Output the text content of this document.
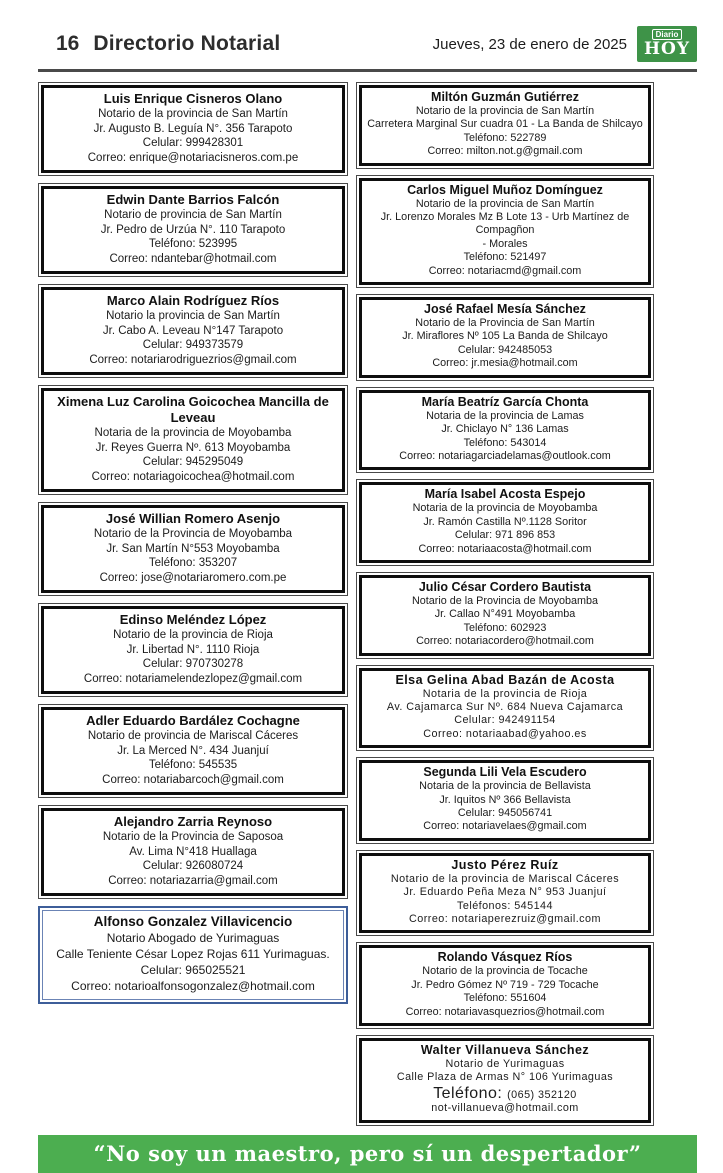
16 Directorio Notarial	Jueves, 23 de enero de 2025
Diario
HOY
Luis Enrique Cisneros Olano
Notario de la provincia de San Martín
Jr. Augusto B. Leguía N°. 356 Tarapoto
Celular: 999428301
Correo: enrique@notariacisneros.com.pe
Edwin Dante Barrios Falcón
Notario de provincia de San Martín
Jr. Pedro de Urzúa N°. 110 Tarapoto
Teléfono: 523995
Correo: ndantebar@hotmail.com
Marco Alain Rodríguez Ríos
Notario la provincia de San Martín
Jr. Cabo A. Leveau N°147 Tarapoto
Celular: 949373579
Correo: notariarodriguezrios@gmail.com
Ximena Luz Carolina Goicochea Mancilla de Leveau
Notaria de la provincia de Moyobamba
Jr. Reyes Guerra Nº. 613 Moyobamba
Celular: 945295049
Correo: notariagoicochea@hotmail.com
José Willian Romero Asenjo
Notario de la Provincia de Moyobamba
Jr. San Martín N°553 Moyobamba
Teléfono: 353207
Correo: jose@notariaromero.com.pe
Edinso Meléndez López
Notario de la provincia de Rioja
Jr. Libertad N°. 1110 Rioja
Celular: 970730278
Correo: notariamelendezlopez@gmail.com
Adler Eduardo Bardález Cochagne
Notario de provincia de Mariscal Cáceres
Jr. La Merced N°. 434 Juanjuí
Teléfono: 545535
Correo: notariabarcoch@gmail.com
Alejandro Zarria Reynoso
Notario de la Provincia de Saposoa
Av. Lima N°418 Huallaga
Celular: 926080724
Correo: notariazarria@gmail.com
Alfonso Gonzalez Villavicencio
Notario Abogado de Yurimaguas
Calle Teniente César Lopez Rojas 611 Yurimaguas.
Celular: 965025521
Correo: notarioalfonsogonzalez@hotmail.com
Miltón Guzmán Gutiérrez
Notario de la provincia de San Martín
Carretera Marginal Sur cuadra 01 - La Banda de Shilcayo
Teléfono: 522789
Correo: milton.not.g@gmail.com
Carlos Miguel Muñoz Domínguez
Notario de la provincia de San Martín
Jr. Lorenzo Morales Mz B Lote 13 - Urb Martínez de Compagñon
- Morales
Teléfono: 521497
Correo: notariacmd@gmail.com
José Rafael Mesía Sánchez
Notario de la Provincia de San Martín
Jr. Miraflores Nº 105 La Banda de Shilcayo
Celular: 942485053
Correo: jr.mesia@hotmail.com
María Beatríz García Chonta
Notaria de la provincia de Lamas
Jr. Chiclayo N° 136 Lamas
Teléfono: 543014
Correo: notariagarciadelamas@outlook.com
María Isabel Acosta Espejo
Notaria de la provincia de Moyobamba
Jr. Ramón Castilla Nº.1128 Soritor
Celular: 971 896 853
Correo: notariaacosta@hotmail.com
Julio César Cordero Bautista
Notario de la Provincia de Moyobamba
Jr. Callao N°491 Moyobamba
Teléfono: 602923
Correo: notariacordero@hotmail.com
Elsa Gelina Abad Bazán de Acosta
Notaria de la provincia de Rioja
Av. Cajamarca Sur Nº. 684 Nueva Cajamarca
Celular: 942491154
Correo: notariaabad@yahoo.es
Segunda Lili Vela Escudero
Notaria de la provincia de Bellavista
Jr. Iquitos Nº 366 Bellavista
Celular: 945056741
Correo: notariavelaes@gmail.com
Justo Pérez Ruíz
Notario de la provincia de Mariscal Cáceres
Jr. Eduardo Peña Meza N° 953 Juanjuí
Teléfonos: 545144
Correo: notariaperezruiz@gmail.com
Rolando Vásquez Ríos
Notario de la provincia de Tocache
Jr. Pedro Gómez Nº 719 - 729 Tocache
Teléfono: 551604
Correo: notariavasquezrios@hotmail.com
Walter Villanueva Sánchez
Notario de Yurimaguas
Calle Plaza de Armas N° 106 Yurimaguas
Teléfono: (065) 352120
not-villanueva@hotmail.com
“No soy un maestro, pero sí un despertador”
